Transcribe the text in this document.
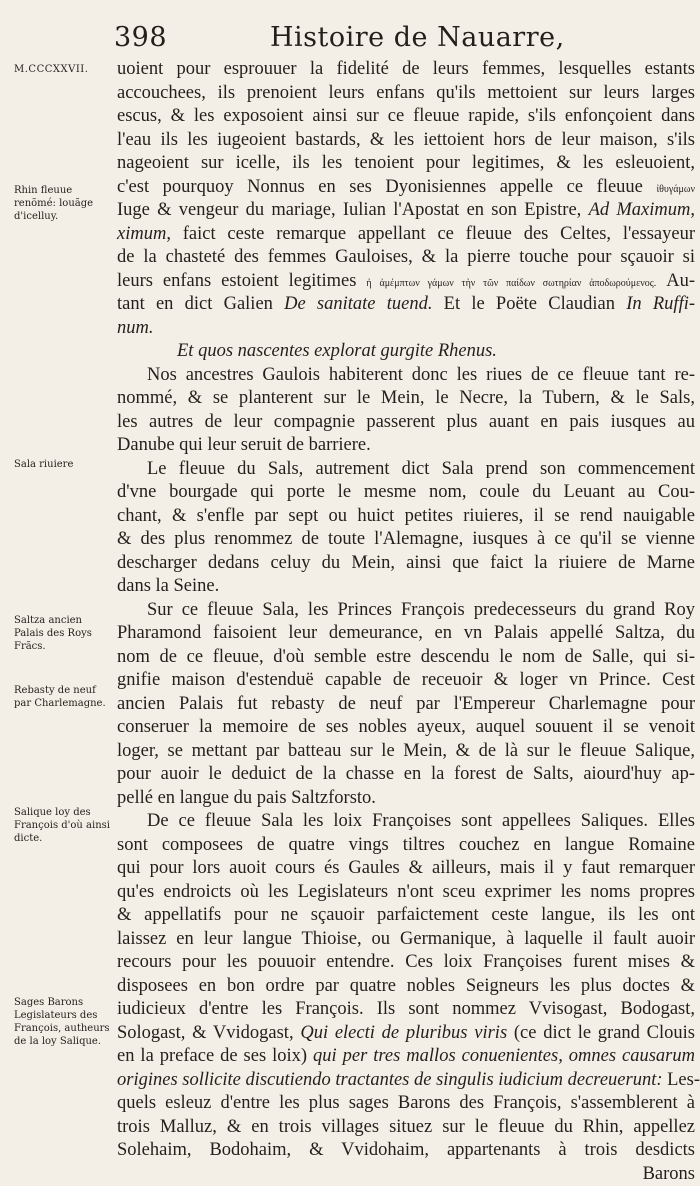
398	Histoire de Nauarre,
M.CCCXXVII.
Rhin fleuue renõmé: louãge d'icelluy.
Sala riuiere
Saltza ancien Palais des Roys Frãcs.
Rebasty de neuf par Charlemagne.
Salique loy des François d'où ainsi dicte.
Sages Barons Legislateurs des François, autheurs de la loy Salique.
uoient pour esprouuer la fidelité de leurs femmes, lesquelles estants
accouchees, ils prenoient leurs enfans qu'ils mettoient sur leurs larges
escus, & les exposoient ainsi sur ce fleuue rapide, s'ils enfonçoient dans
l'eau ils les iugeoient bastards, & les iettoient hors de leur maison, s'ils
nageoient sur icelle, ils les tenoient pour legitimes, & les esleuoient,
c'est pourquoy Nonnus en ses Dyonisiennes appelle ce fleuue ἰθυγάμων
Iuge & vengeur du mariage, Iulian l'Apostat en son Epistre, Ad Maximum,
ximum, faict ceste remarque appellant ce fleuue des Celtes, l'essayeur
de la chasteté des femmes Gauloises, & la pierre touche pour sçauoir si
leurs enfans estoient legitimes ἠ ἀμέμπτων γάμων τὴν τῶν παίδων σωτηρίαν ἀποδωρούμενος. Au-
tant en dict Galien De sanitate tuend. Et le Poëte Claudian In Ruffi-
num.
Et quos nascentes explorat gurgite Rhenus.
Nos ancestres Gaulois habiterent donc les riues de ce fleuue tant re-
nommé, & se planterent sur le Mein, le Necre, la Tubern, & le Sals,
les autres de leur compagnie passerent plus auant en pais iusques au
Danube qui leur seruit de barriere.
Le fleuue du Sals, autrement dict Sala prend son commencement
d'vne bourgade qui porte le mesme nom, coule du Leuant au Cou-
chant, & s'enfle par sept ou huict petites riuieres, il se rend nauigable
& des plus renommez de toute l'Alemagne, iusques à ce qu'il se vienne
descharger dedans celuy du Mein, ainsi que faict la riuiere de Marne
dans la Seine.
Sur ce fleuue Sala, les Princes François predecesseurs du grand Roy
Pharamond faisoient leur demeurance, en vn Palais appellé Saltza, du
nom de ce fleuue, d'où semble estre descendu le nom de Salle, qui si-
gnifie maison d'estenduë capable de receuoir & loger vn Prince. Cest
ancien Palais fut rebasty de neuf par l'Empereur Charlemagne pour
conseruer la memoire de ses nobles ayeux, auquel souuent il se venoit
loger, se mettant par batteau sur le Mein, & de là sur le fleuue Salique,
pour auoir le deduict de la chasse en la forest de Salts, aiourd'huy ap-
pellé en langue du pais Saltzforsto.
De ce fleuue Sala les loix Françoises sont appellees Saliques. Elles
sont composees de quatre vings tiltres couchez en langue Romaine
qui pour lors auoit cours és Gaules & ailleurs, mais il y faut remarquer
qu'es endroicts où les Legislateurs n'ont sceu exprimer les noms propres
& appellatifs pour ne sçauoir parfaictement ceste langue, ils les ont
laissez en leur langue Thioise, ou Germanique, à laquelle il fault auoir
recours pour les pouuoir entendre. Ces loix Françoises furent mises &
disposees en bon ordre par quatre nobles Seigneurs les plus doctes &
iudicieux d'entre les François. Ils sont nommez Vvisogast, Bodogast,
Sologast, & Vvidogast, Qui electi de pluribus viris (ce dict le grand Clouis
en la preface de ses loix) qui per tres mallos conuenientes, omnes causarum
origines sollicite discutiendo tractantes de singulis iudicium decreuerunt: Les-
quels esleuz d'entre les plus sages Barons des François, s'assemblerent à
trois Malluz, & en trois villages situez sur le fleuue du Rhin, appellez
Solehaim, Bodohaim, & Vvidohaim, appartenants à trois desdicts
Barons
